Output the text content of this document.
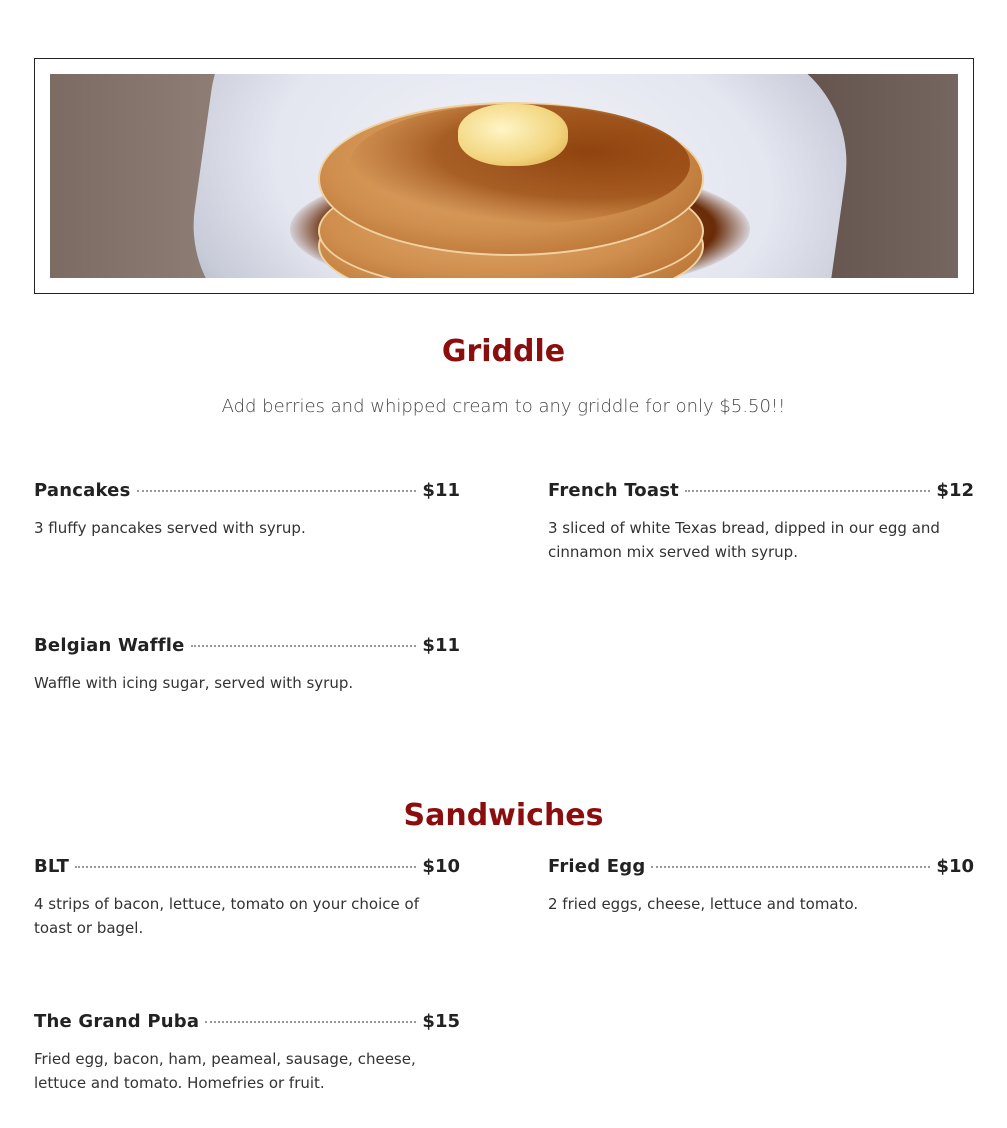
Griddle
Add berries and whipped cream to any griddle for only $5.50!!
Pancakes	$11
3 fluffy pancakes served with syrup.
French Toast	$12
3 sliced of white Texas bread, dipped in our egg and cinnamon mix served with syrup.
Belgian Waffle	$11
Waffle with icing sugar, served with syrup.
Sandwiches
BLT	$10
4 strips of bacon, lettuce, tomato on your choice of toast or bagel.
Fried Egg	$10
2 fried eggs, cheese, lettuce and tomato.
The Grand Puba	$15
Fried egg, bacon, ham, peameal, sausage, cheese, lettuce and tomato. Homefries or fruit.
